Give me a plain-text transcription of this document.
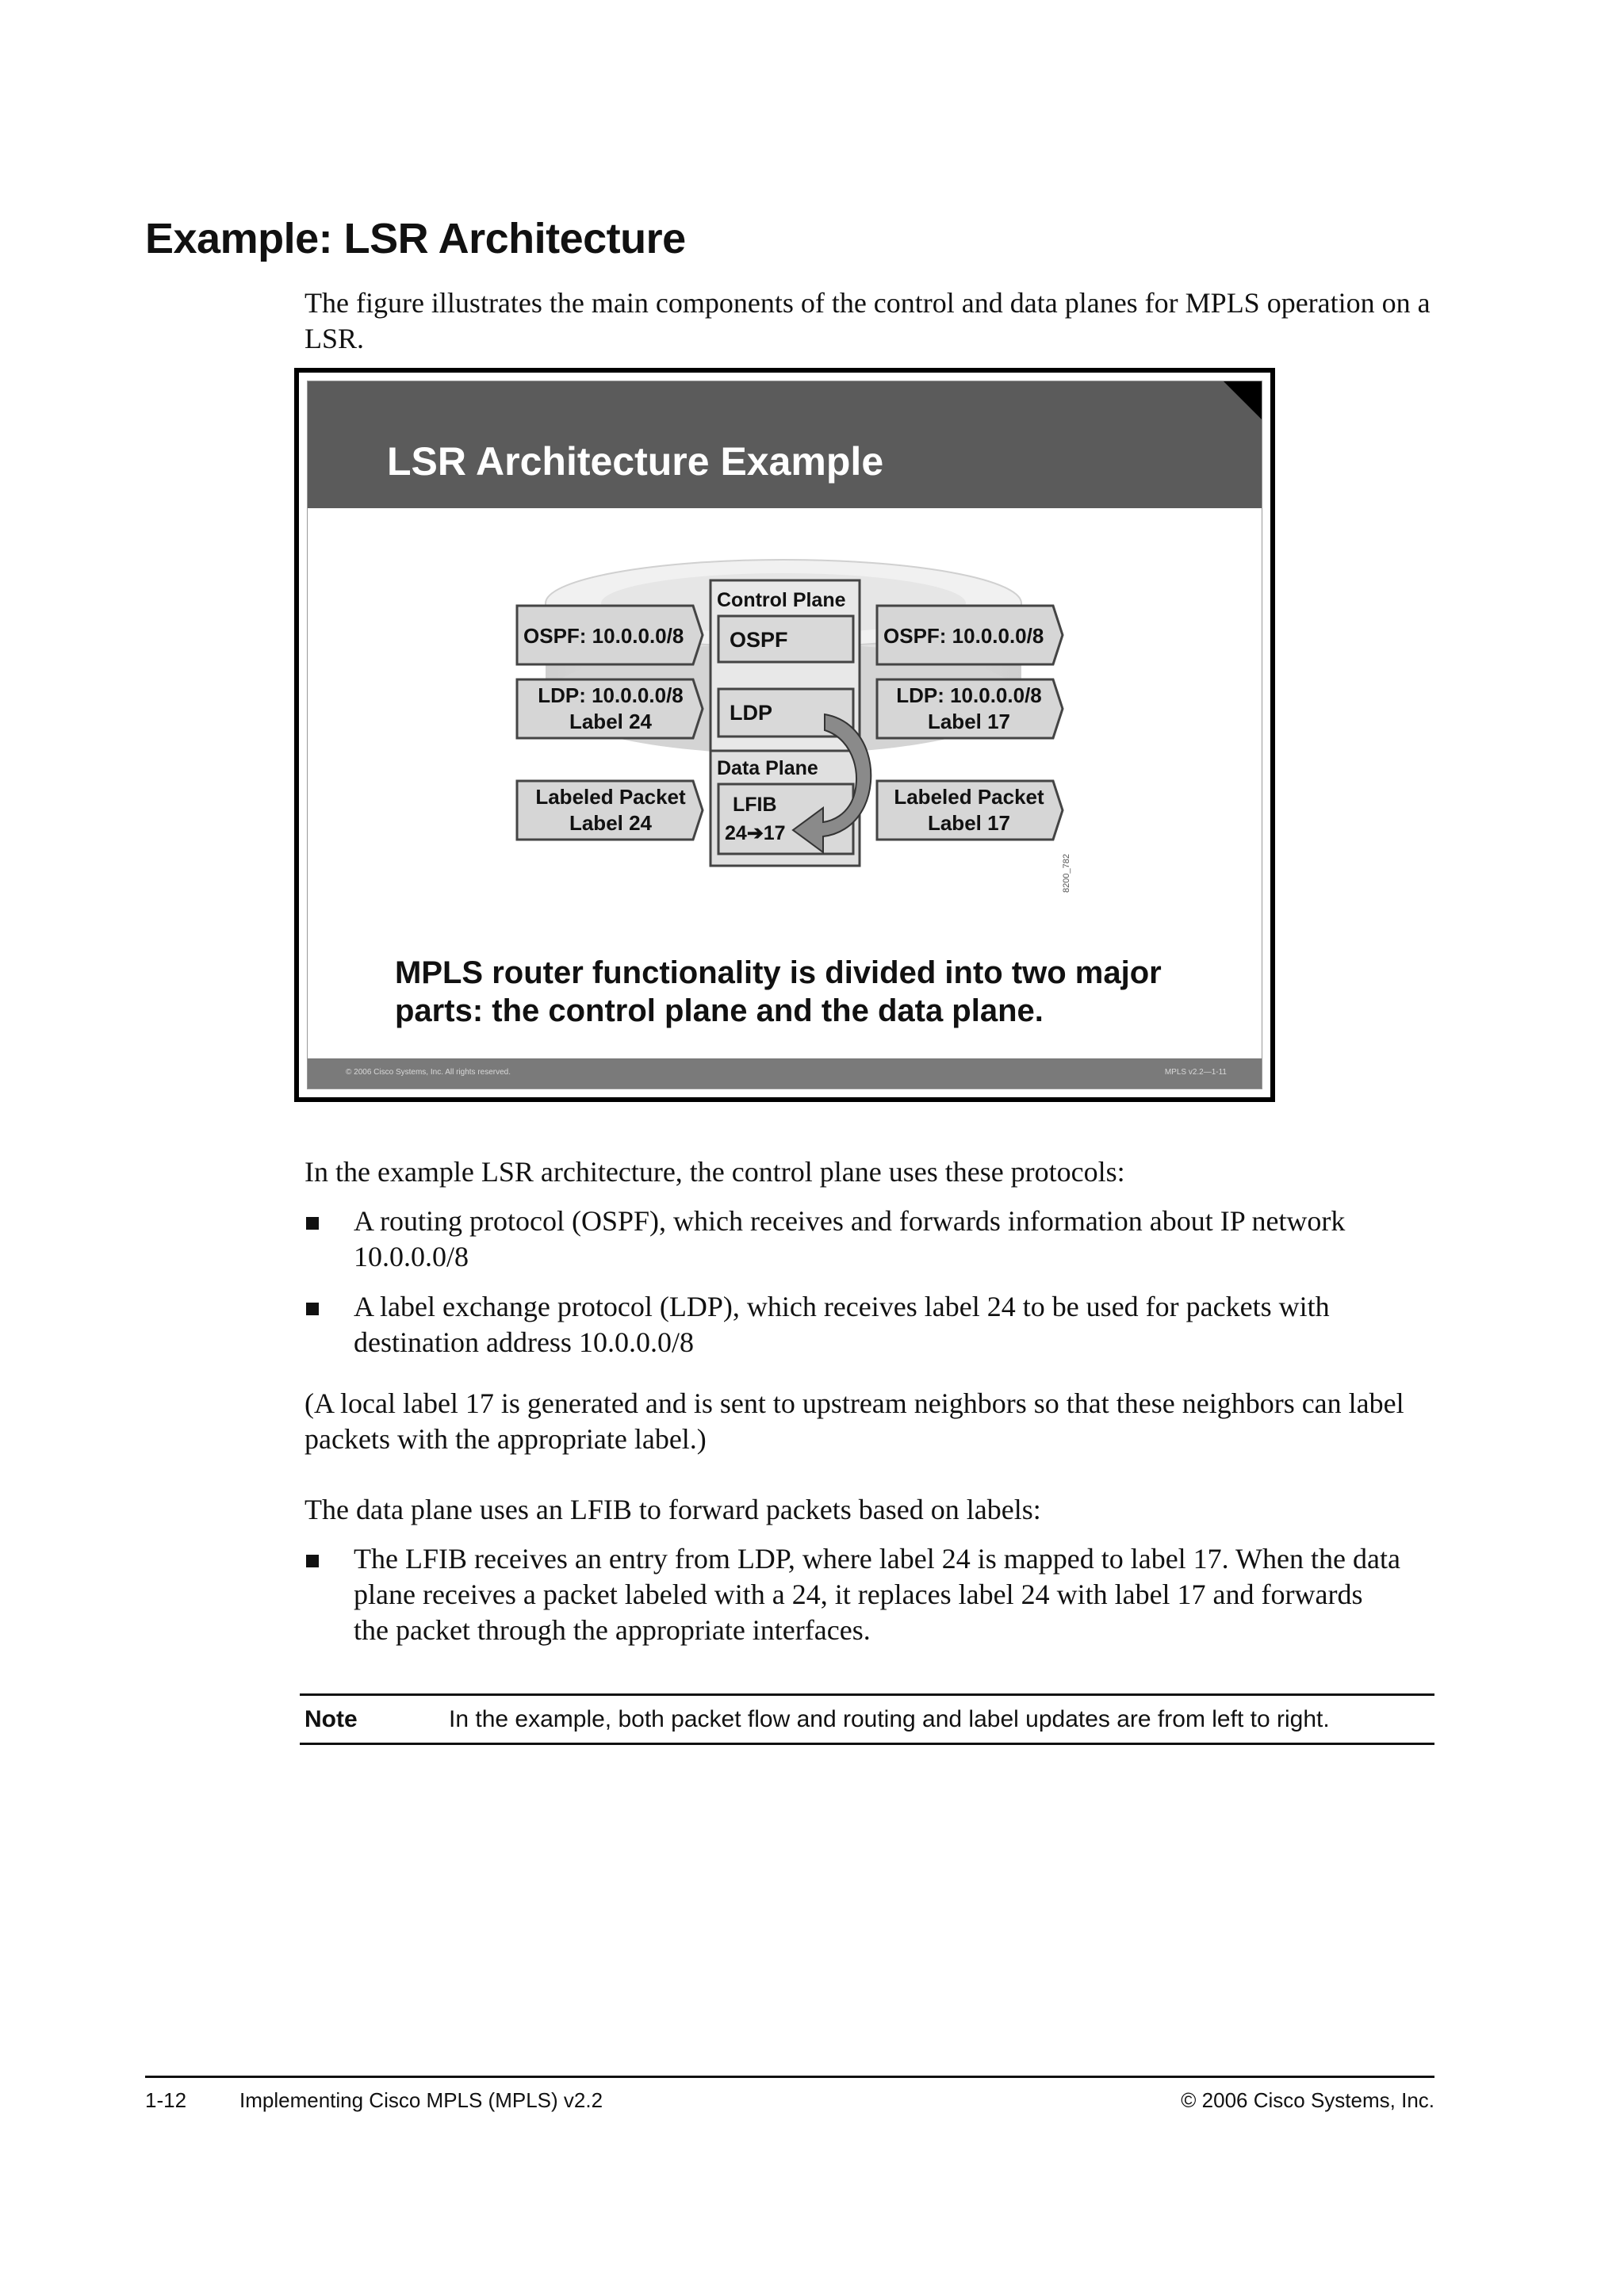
Example: LSR Architecture
The figure illustrates the main components of the control and data planes for MPLS operation on a LSR.
LSR Architecture Example
Control Plane
OSPF
LDP
Data Plane
LFIB
24➔17
OSPF: 10.0.0.0/8
LDP: 10.0.0.0/8
Label 24
Labeled Packet
Label 24
OSPF: 10.0.0.0/8
LDP: 10.0.0.0/8
Label 17
Labeled Packet
Label 17
8200_782
MPLS router functionality is divided into two major parts: the control plane and the data plane.
© 2006 Cisco Systems, Inc. All rights reserved.	MPLS v2.2—1-11
In the example LSR architecture, the control plane uses these protocols:
A routing protocol (OSPF), which receives and forwards information about IP network 10.0.0.0/8
A label exchange protocol (LDP), which receives label 24 to be used for packets with destination address 10.0.0.0/8
(A local label 17 is generated and is sent to upstream neighbors so that these neighbors can label packets with the appropriate label.)
The data plane uses an LFIB to forward packets based on labels:
The LFIB receives an entry from LDP, where label 24 is mapped to label 17. When the data plane receives a packet labeled with a 24, it replaces label 24 with label 17 and forwards the packet through the appropriate interfaces.
Note	In the example, both packet flow and routing and label updates are from left to right.
1-12	Implementing Cisco MPLS (MPLS) v2.2	© 2006 Cisco Systems, Inc.
